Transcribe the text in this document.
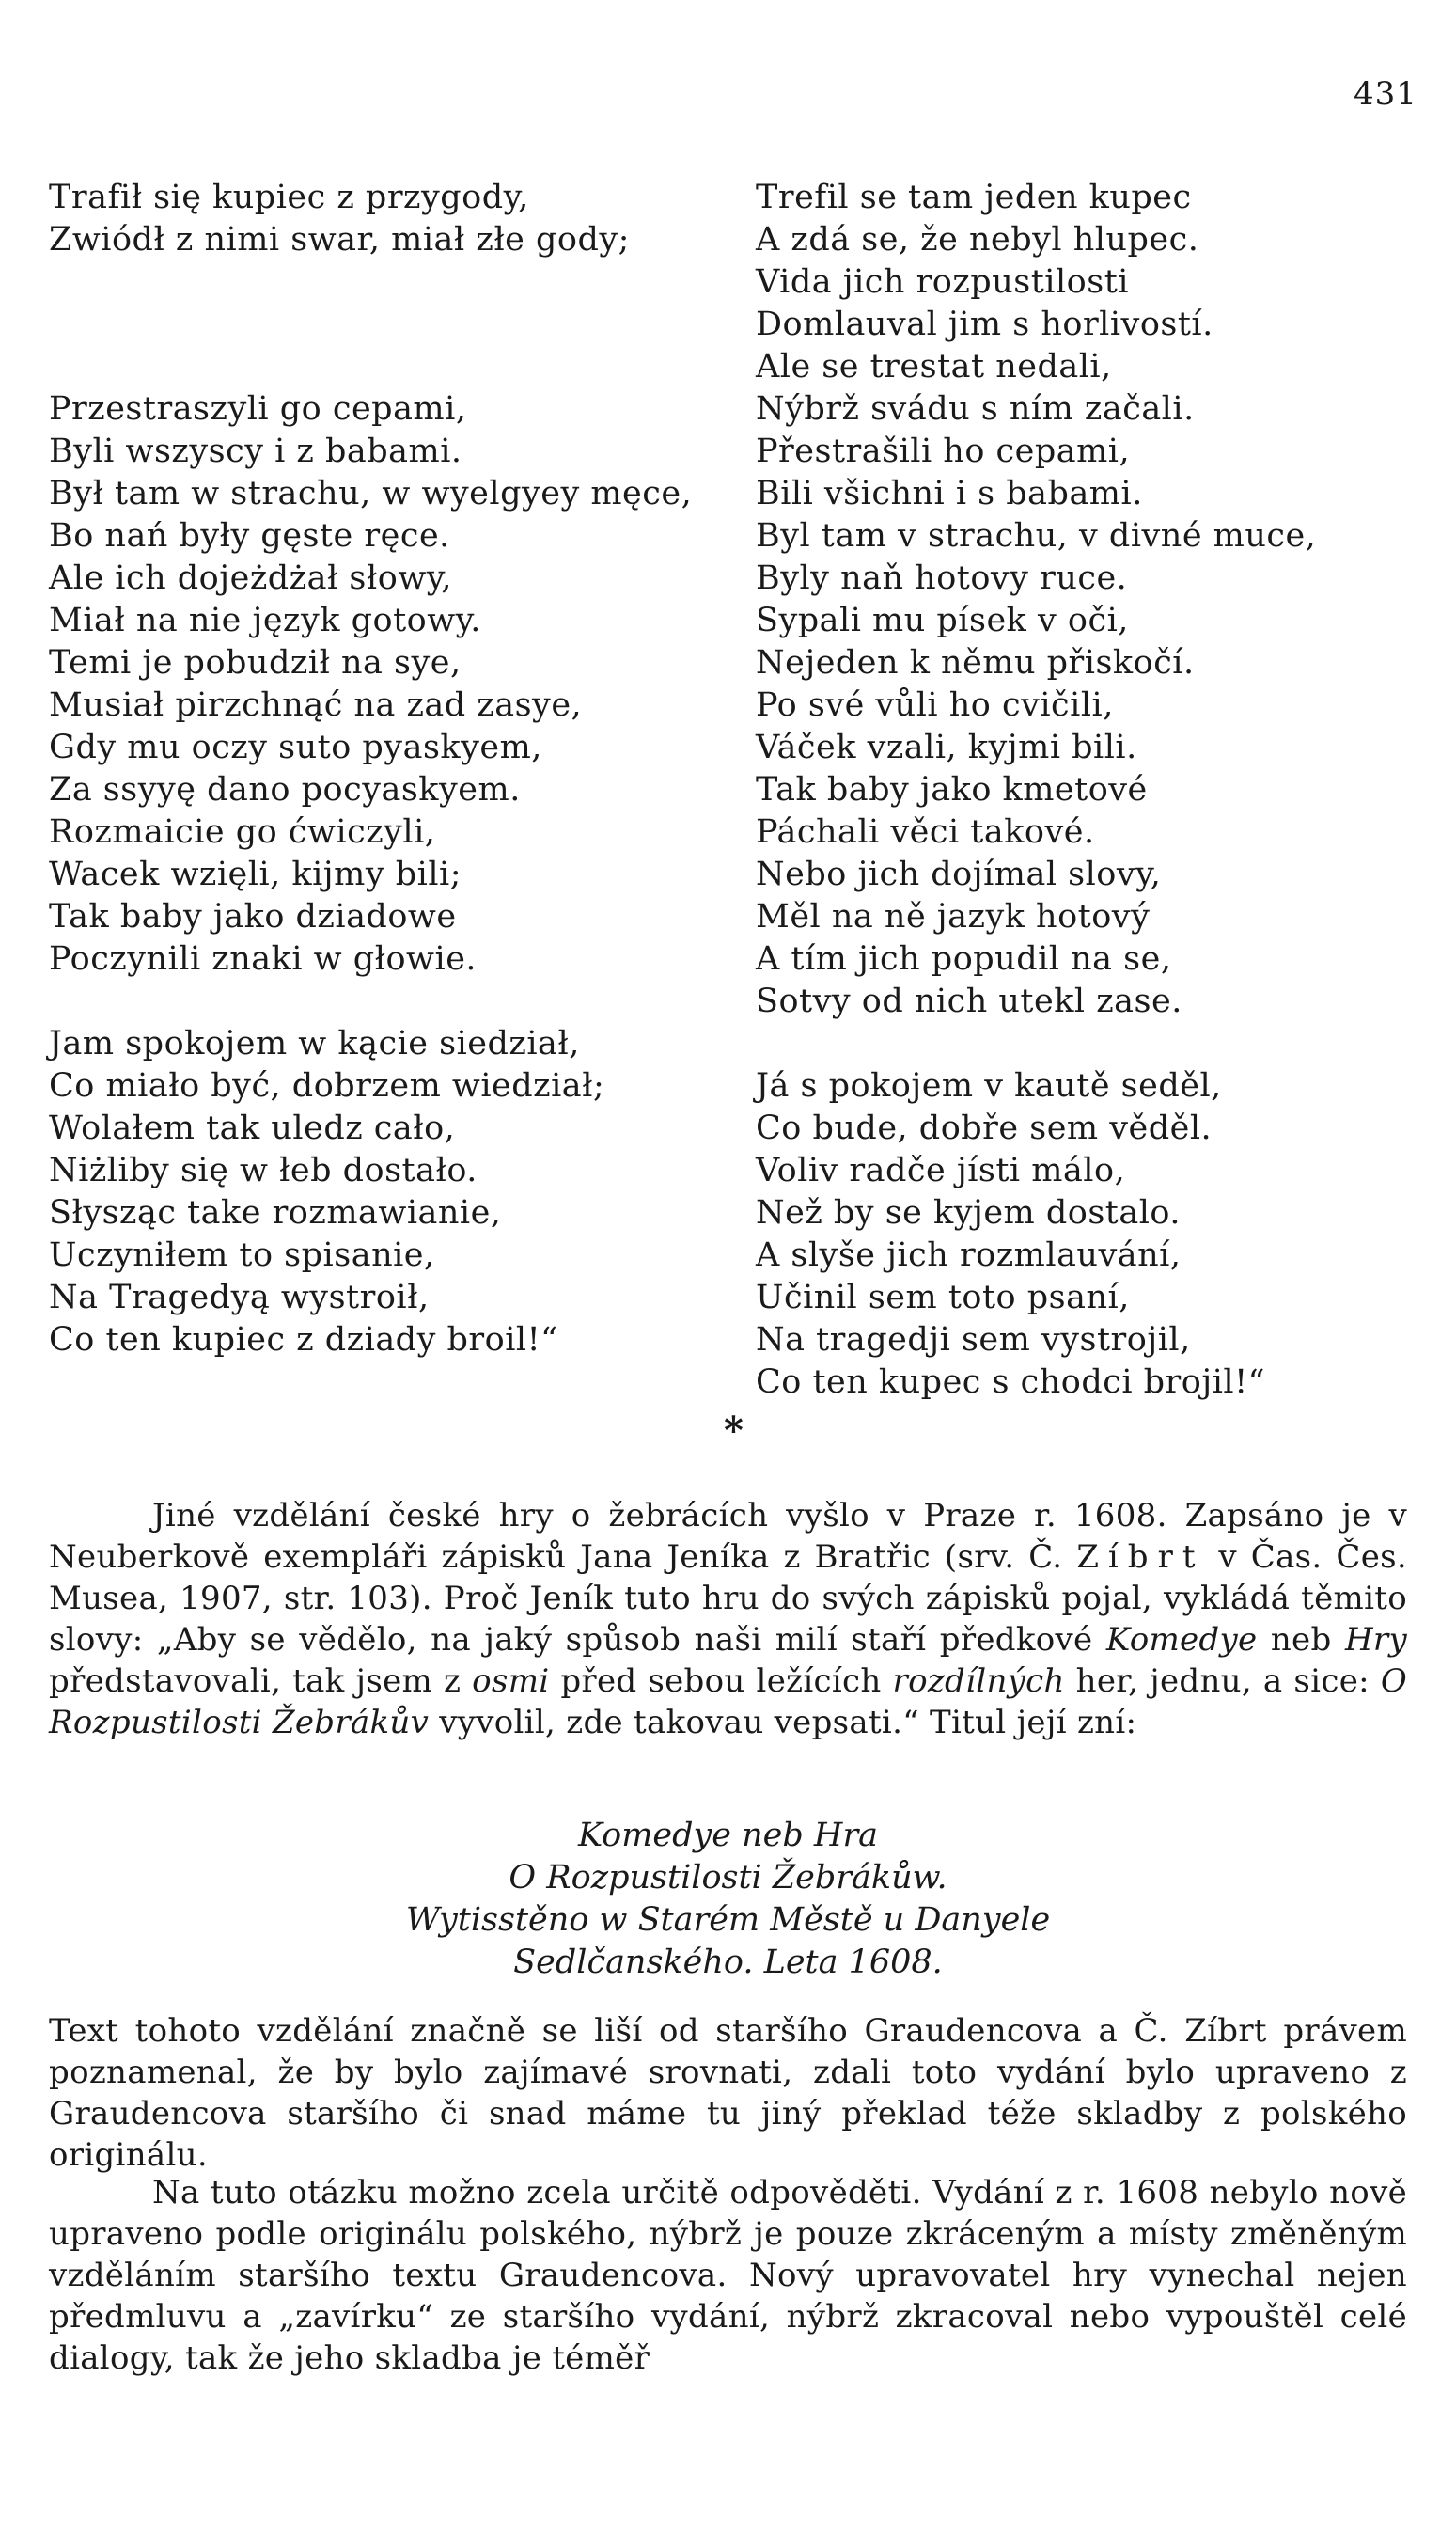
431
Trafił się kupiec z przygody,
Zwiódł z nimi swar, miał złe gody;
Przestraszyli go cepami,
Byli wszyscy i z babami.
Był tam w strachu, w wyelgyey męce,
Bo nań były gęste ręce.
Ale ich dojeżdżał słowy,
Miał na nie język gotowy.
Temi je pobudził na sye,
Musiał pirzchnąć na zad zasye,
Gdy mu oczy suto pyaskyem,
Za ssyyę dano pocyaskyem.
Rozmaicie go ćwiczyli,
Wacek wzięli, kijmy bili;
Tak baby jako dziadowe
Poczynili znaki w głowie.
Jam spokojem w kącie siedział,
Co miało być, dobrzem wiedział;
Wolałem tak uledz cało,
Niżliby się w łeb dostało.
Słysząc take rozmawianie,
Uczyniłem to spisanie,
Na Tragedyą wystroił,
Co ten kupiec z dziady broil!“
Trefil se tam jeden kupec
A zdá se, že nebyl hlupec.
Vida jich rozpustilosti
Domlauval jim s horlivostí.
Ale se trestat nedali,
Nýbrž svádu s ním začali.
Přestrašili ho cepami,
Bili všichni i s babami.
Byl tam v strachu, v divné muce,
Byly naň hotovy ruce.
Sypali mu písek v oči,
Nejeden k němu přiskočí.
Po své vůli ho cvičili,
Váček vzali, kyjmi bili.
Tak baby jako kmetové
Páchali věci takové.
Nebo jich dojímal slovy,
Měl na ně jazyk hotový
A tím jich popudil na se,
Sotvy od nich utekl zase.
Já s pokojem v kautě seděl,
Co bude, dobře sem věděl.
Voliv radče jísti málo,
Než by se kyjem dostalo.
A slyše jich rozmlauvání,
Učinil sem toto psaní,
Na tragedji sem vystrojil,
Co ten kupec s chodci brojil!“
*

Jiné vzdělání české hry o žebrácích vyšlo v Praze r. 1608. Zapsáno je v Neuberkově exempláři zápisků Jana Jeníka z Bratřic (srv. Č. Zíbrt v Čas. Čes. Musea, 1907, str. 103). Proč Jeník tuto hru do svých zápisků pojal, vykládá těmito slovy: „Aby se vědělo, na jaký spůsob naši milí staří předkové Komedye neb Hry představovali, tak jsem z osmi před sebou ležících rozdílných her, jednu, a sice: O Rozpustilosti Žebrákův vyvolil, zde takovau vepsati.“ Titul její zní:

Komedye neb Hra
O Rozpustilosti Žebrákůw.
Wytisstěno w Starém Městě u Danyele
Sedlčanského. Leta 1608.

Text tohoto vzdělání značně se liší od staršího Graudencova a Č. Zíbrt právem poznamenal, že by bylo zajímavé srovnati, zdali toto vydání bylo upraveno z Graudencova staršího či snad máme tu jiný překlad téže skladby z polského originálu.

Na tuto otázku možno zcela určitě odpověděti. Vydání z r. 1608 nebylo nově upraveno podle originálu polského, nýbrž je pouze zkráceným a místy změněným vzděláním staršího textu Graudencova. Nový upravovatel hry vynechal nejen předmluvu a „zavírku“ ze staršího vydání, nýbrž zkracoval nebo vypouštěl celé dialogy, tak že jeho skladba je téměř
